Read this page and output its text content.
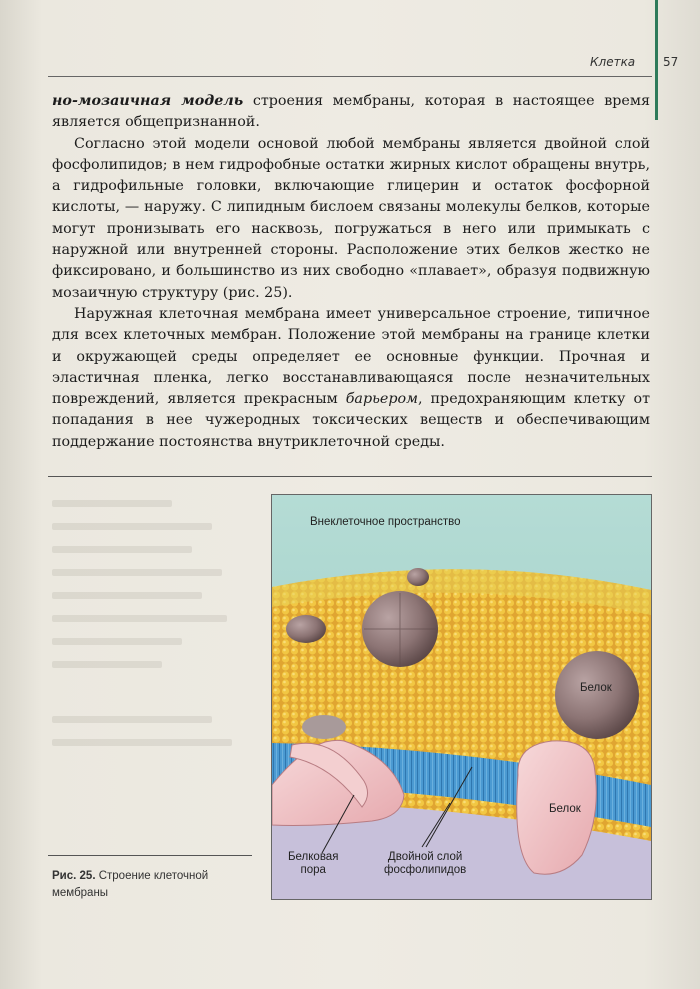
Клетка 57

но-мозаичная модель строения мембраны, которая в настоящее время является общепризнанной.

Согласно этой модели основой любой мембраны является двойной слой фосфолипидов; в нем гидрофобные остатки жирных кислот обращены внутрь, а гидрофильные головки, включающие глицерин и остаток фосфорной кислоты, — наружу. С липидным бислоем связаны молекулы белков, которые могут пронизывать его насквозь, погружаться в него или примыкать с наружной или внутренней стороны. Расположение этих белков жестко не фиксировано, и большинство из них свободно «плавает», образуя подвижную мозаичную структуру (рис. 25).

Наружная клеточная мембрана имеет универсальное строение, типичное для всех клеточных мембран. Положение этой мембраны на границе клетки и окружающей среды определяет ее основные функции. Прочная и эластичная пленка, легко восстанавливающаяся после незначительных повреждений, является прекрасным барьером, предохраняющим клетку от попадания в нее чужеродных токсических веществ и обеспечивающим поддержание постоянства внутриклеточной среды.

Внеклеточное пространство
Белок
Белок
Белковая
пора
Двойной слой
фосфолипидов
Рис. 25. Строение клеточной мембраны
